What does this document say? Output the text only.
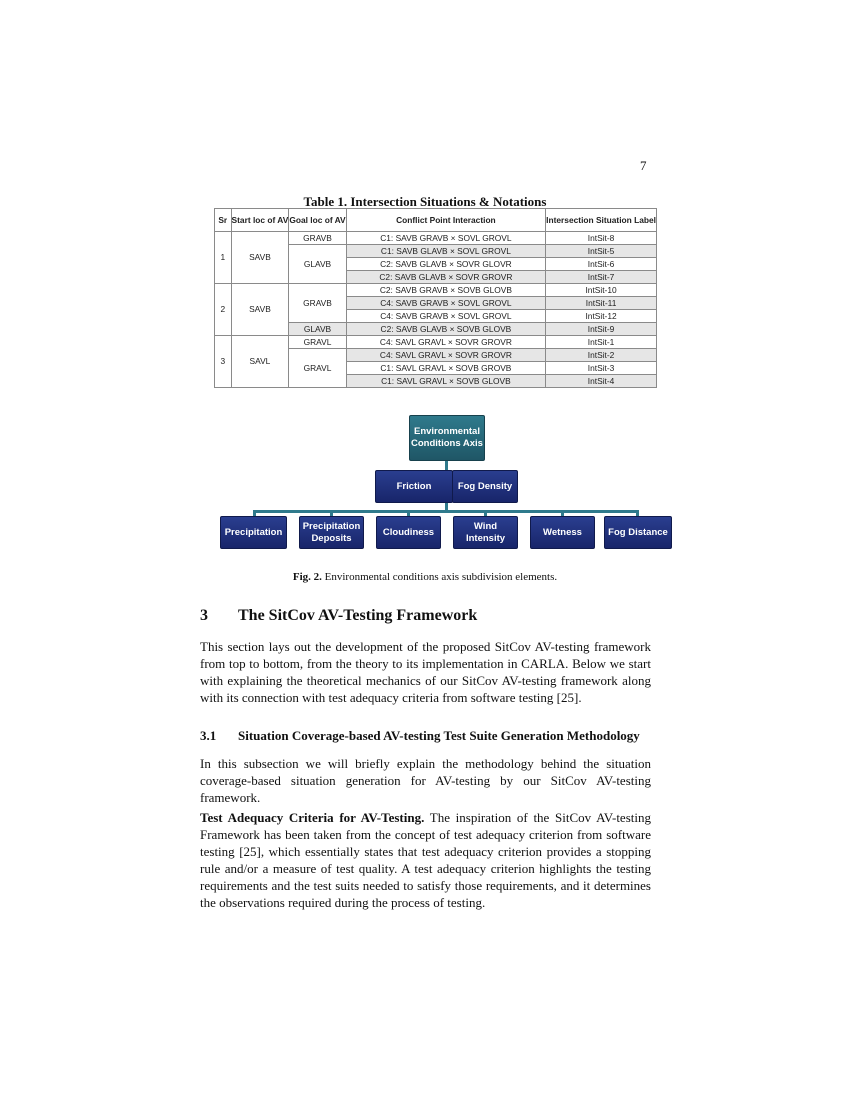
7
Table 1. Intersection Situations & Notations
Sr	Start loc of AV	Goal loc of AV	Conflict Point Interaction	Intersection Situation Label
1	SAVB	GRAVB	C1: SAVB GRAVB × SOVL GROVL	IntSit-8
		GLAVB	C1: SAVB GLAVB × SOVL GROVL	IntSit-5
			C2: SAVB GLAVB × SOVR GLOVR	IntSit-6
			C2: SAVB GLAVB × SOVR GROVR	IntSit-7
2	SAVB	GRAVB	C2: SAVB GRAVB × SOVB GLOVB	IntSit-10
			C4: SAVB GRAVB × SOVL GROVL	IntSit-11
			C4: SAVB GRAVB × SOVL GROVL	IntSit-12
		GLAVB	C2: SAVB GLAVB × SOVB GLOVB	IntSit-9
3	SAVL	GRAVL	C4: SAVL GRAVL × SOVR GROVR	IntSit-1
		GRAVL	C4: SAVL GRAVL × SOVR GROVR	IntSit-2
			C1: SAVL GRAVL × SOVB GROVB	IntSit-3
			C1: SAVL GRAVL × SOVB GLOVB	IntSit-4
Environmental Conditions Axis
Friction	Fog Density
Precipitation
Precipitation Deposits
Cloudiness
Wind Intensity
Wetness	Fog Distance
Fig. 2. Environmental conditions axis subdivision elements.
3 The SitCov AV-Testing Framework
This section lays out the development of the proposed SitCov AV-testing framework from top to bottom, from the theory to its implementation in CARLA. Below we start with explaining the theoretical mechanics of our SitCov AV-testing framework along with its connection with test adequacy criteria from software testing [25].
3.1 Situation Coverage-based AV-testing Test Suite Generation Methodology
In this subsection we will briefly explain the methodology behind the situation coverage-based situation generation for AV-testing by our SitCov AV-testing framework.
Test Adequacy Criteria for AV-Testing. The inspiration of the SitCov AV-testing Framework has been taken from the concept of test adequacy criterion from software testing [25], which essentially states that test adequacy criterion provides a stopping rule and/or a measure of test quality. A test adequacy criterion highlights the testing requirements and the test suits needed to satisfy those requirements, and it determines the observations required during the process of testing.
